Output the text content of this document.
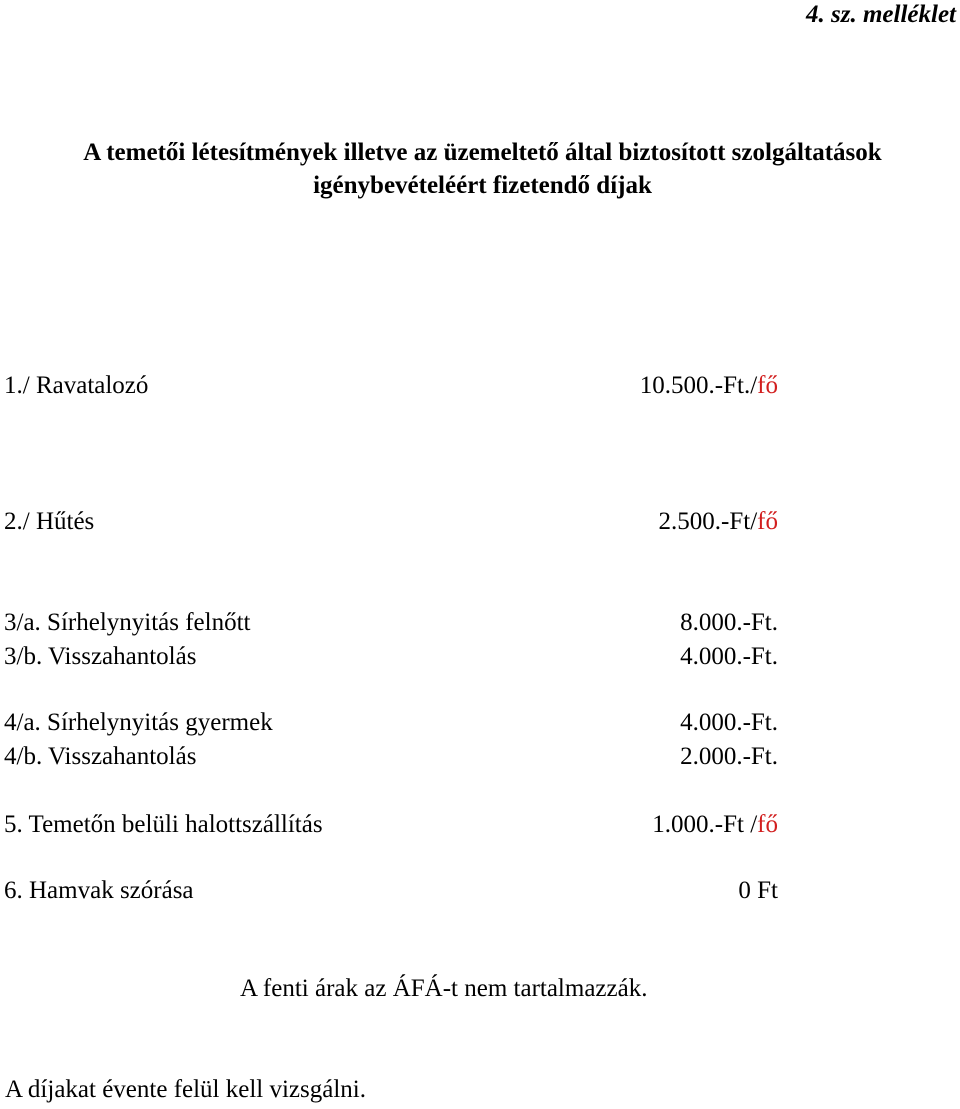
4. sz. melléklet
A temetői létesítmények illetve az üzemeltető által biztosított szolgáltatások
igénybevételéért fizetendő díjak
1./ Ravatalozó	10.500.-Ft./fő
2./ Hűtés	2.500.-Ft/fő
3/a. Sírhelynyitás felnőtt	8.000.-Ft.
3/b. Visszahantolás	4.000.-Ft.
4/a. Sírhelynyitás gyermek	4.000.-Ft.
4/b. Visszahantolás	2.000.-Ft.
5. Temetőn belüli halottszállítás	1.000.-Ft /fő
6. Hamvak szórása	0 Ft
A fenti árak az ÁFÁ-t nem tartalmazzák.
A díjakat évente felül kell vizsgálni.
